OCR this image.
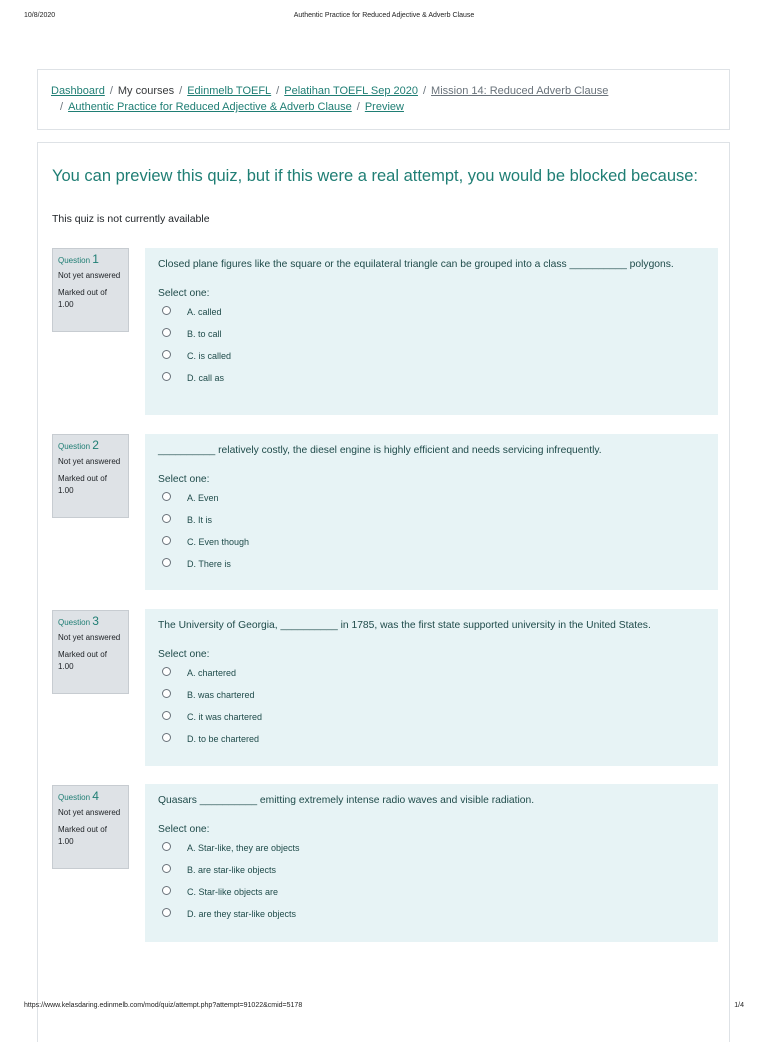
10/8/2020	Authentic Practice for Reduced Adjective & Adverb Clause
Dashboard / My courses / Edinmelb TOEFL / Pelatihan TOEFL Sep 2020 / Mission 14: Reduced Adverb Clause
/ Authentic Practice for Reduced Adjective & Adverb Clause / Preview
You can preview this quiz, but if this were a real attempt, you would be blocked because:
This quiz is not currently available
Question 1
Not yet answered
Marked out of 1.00
Closed plane figures like the square or the equilateral triangle can be grouped into a class __________ polygons.
Select one:
A. called
B. to call
C. is called
D. call as
Question 2
Not yet answered
Marked out of 1.00
__________ relatively costly, the diesel engine is highly efficient and needs servicing infrequently.
Select one:
A. Even
B. It is
C. Even though
D. There is
Question 3
Not yet answered
Marked out of 1.00
The University of Georgia, __________ in 1785, was the first state supported university in the United States.
Select one:
A. chartered
B. was chartered
C. it was chartered
D. to be chartered
Question 4
Not yet answered
Marked out of 1.00
Quasars __________ emitting extremely intense radio waves and visible radiation.
Select one:
A. Star-like, they are objects
B. are star-like objects
C. Star-like objects are
D. are they star-like objects
https://www.kelasdaring.edinmelb.com/mod/quiz/attempt.php?attempt=91022&cmid=5178	1/4
